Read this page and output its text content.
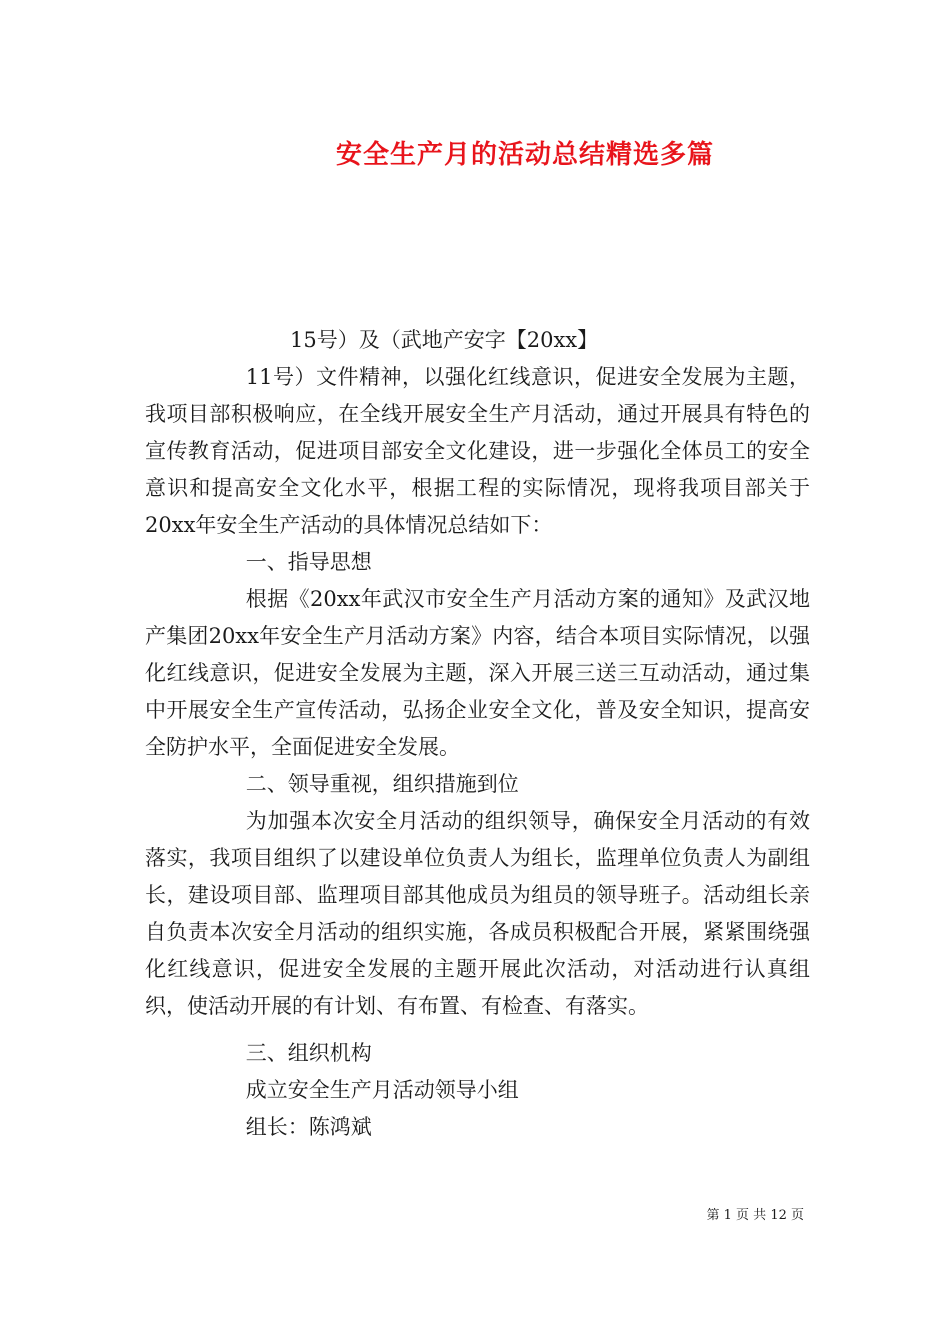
安全生产月的活动总结精选多篇

15号）及（武地产安字【20xx】

11号）文件精神，以强化红线意识，促进安全发展为主题，我项目部积极响应，在全线开展安全生产月活动，通过开展具有特色的宣传教育活动，促进项目部安全文化建设，进一步强化全体员工的安全意识和提高安全文化水平，根据工程的实际情况，现将我项目部关于20xx年安全生产活动的具体情况总结如下：

一、指导思想

根据《20xx年武汉市安全生产月活动方案的通知》及武汉地产集团20xx年安全生产月活动方案》内容，结合本项目实际情况，以强化红线意识，促进安全发展为主题，深入开展三送三互动活动，通过集中开展安全生产宣传活动，弘扬企业安全文化，普及安全知识，提高安全防护水平，全面促进安全发展。

二、领导重视，组织措施到位

为加强本次安全月活动的组织领导，确保安全月活动的有效落实，我项目组织了以建设单位负责人为组长，监理单位负责人为副组长，建设项目部、监理项目部其他成员为组员的领导班子。活动组长亲自负责本次安全月活动的组织实施，各成员积极配合开展，紧紧围绕强化红线意识，促进安全发展的主题开展此次活动，对活动进行认真组织，使活动开展的有计划、有布置、有检查、有落实。

三、组织机构

成立安全生产月活动领导小组

组长：陈鸿斌

第 1 页 共 12 页
